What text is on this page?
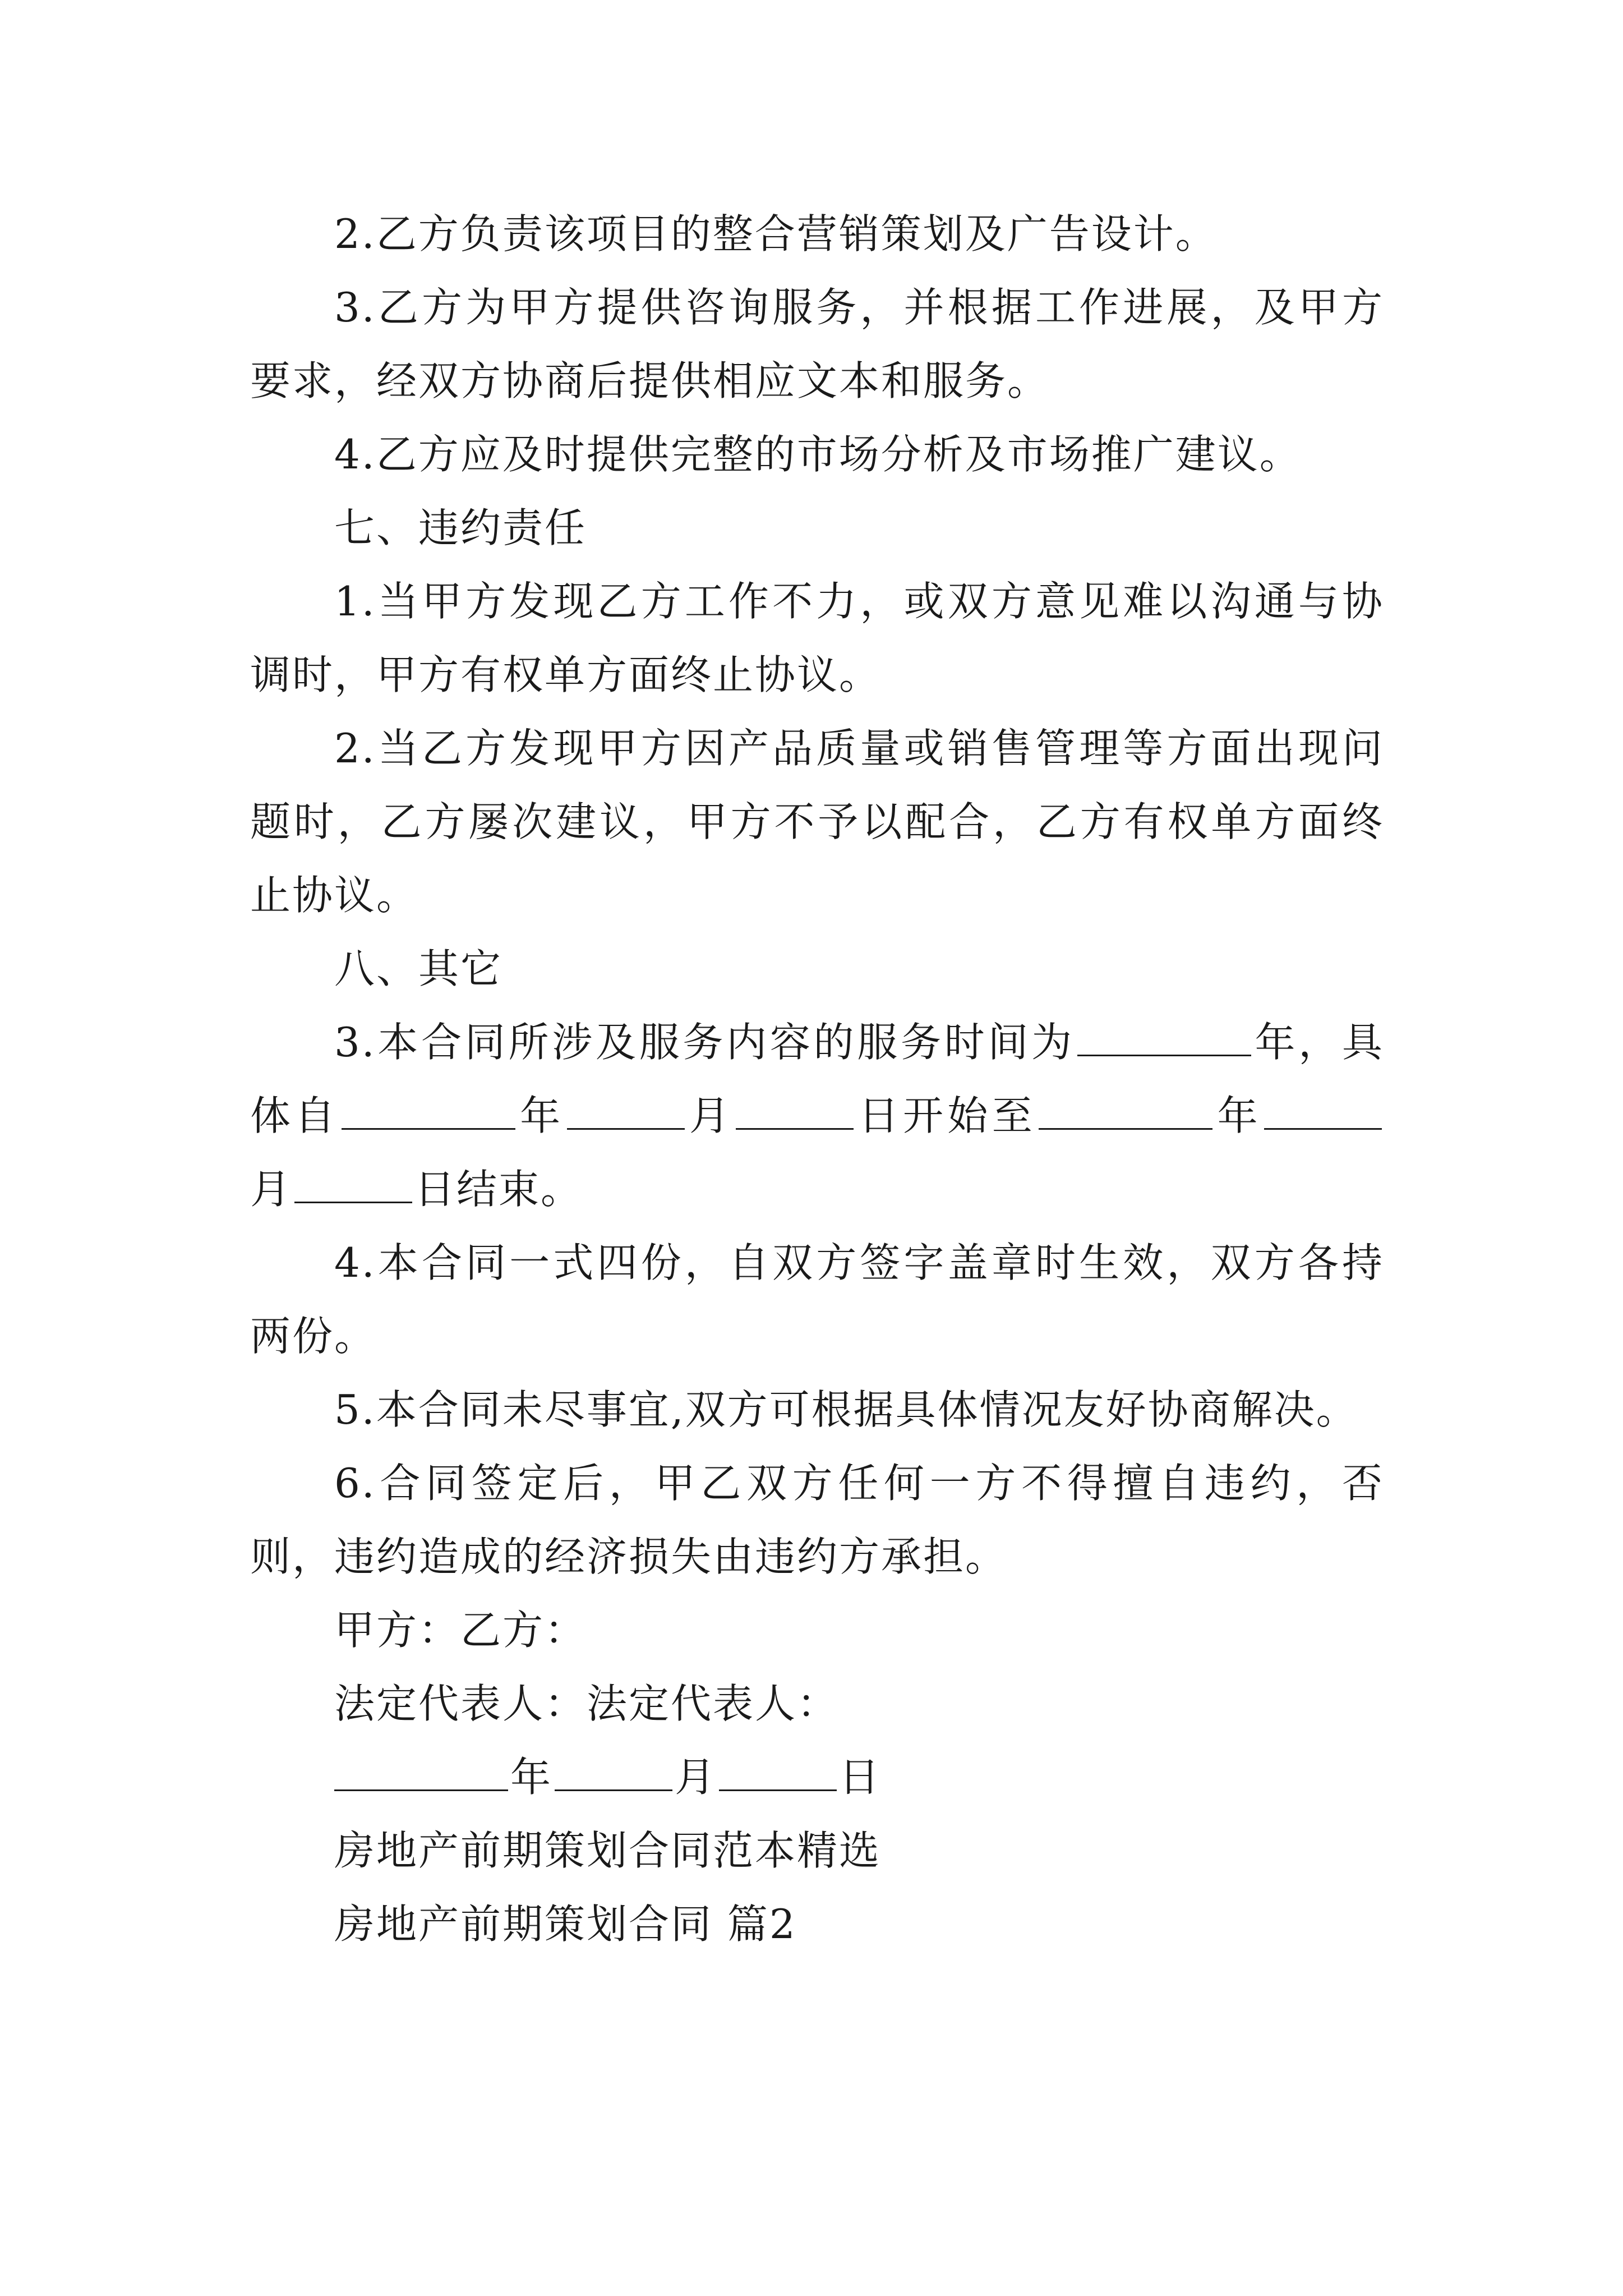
2.乙方负责该项目的整合营销策划及广告设计。

3.乙方为甲方提供咨询服务，并根据工作进展，及甲方要求，经双方协商后提供相应文本和服务。

4.乙方应及时提供完整的市场分析及市场推广建议。

七、违约责任

1.当甲方发现乙方工作不力，或双方意见难以沟通与协调时，甲方有权单方面终止协议。

2.当乙方发现甲方因产品质量或销售管理等方面出现问题时，乙方屡次建议，甲方不予以配合，乙方有权单方面终止协议。

八、其它

3.本合同所涉及服务内容的服务时间为	年，具体自	年	月	日开始至	年月	日结束。

4.本合同一式四份，自双方签字盖章时生效，双方各持两份。

5.本合同未尽事宜,双方可根据具体情况友好协商解决。

6.合同签定后，甲乙双方任何一方不得擅自违约，否则，违约造成的经济损失由违约方承担。

甲方：乙方：

法定代表人：法定代表人：

年	月	日

房地产前期策划合同范本精选

房地产前期策划合同 篇2
